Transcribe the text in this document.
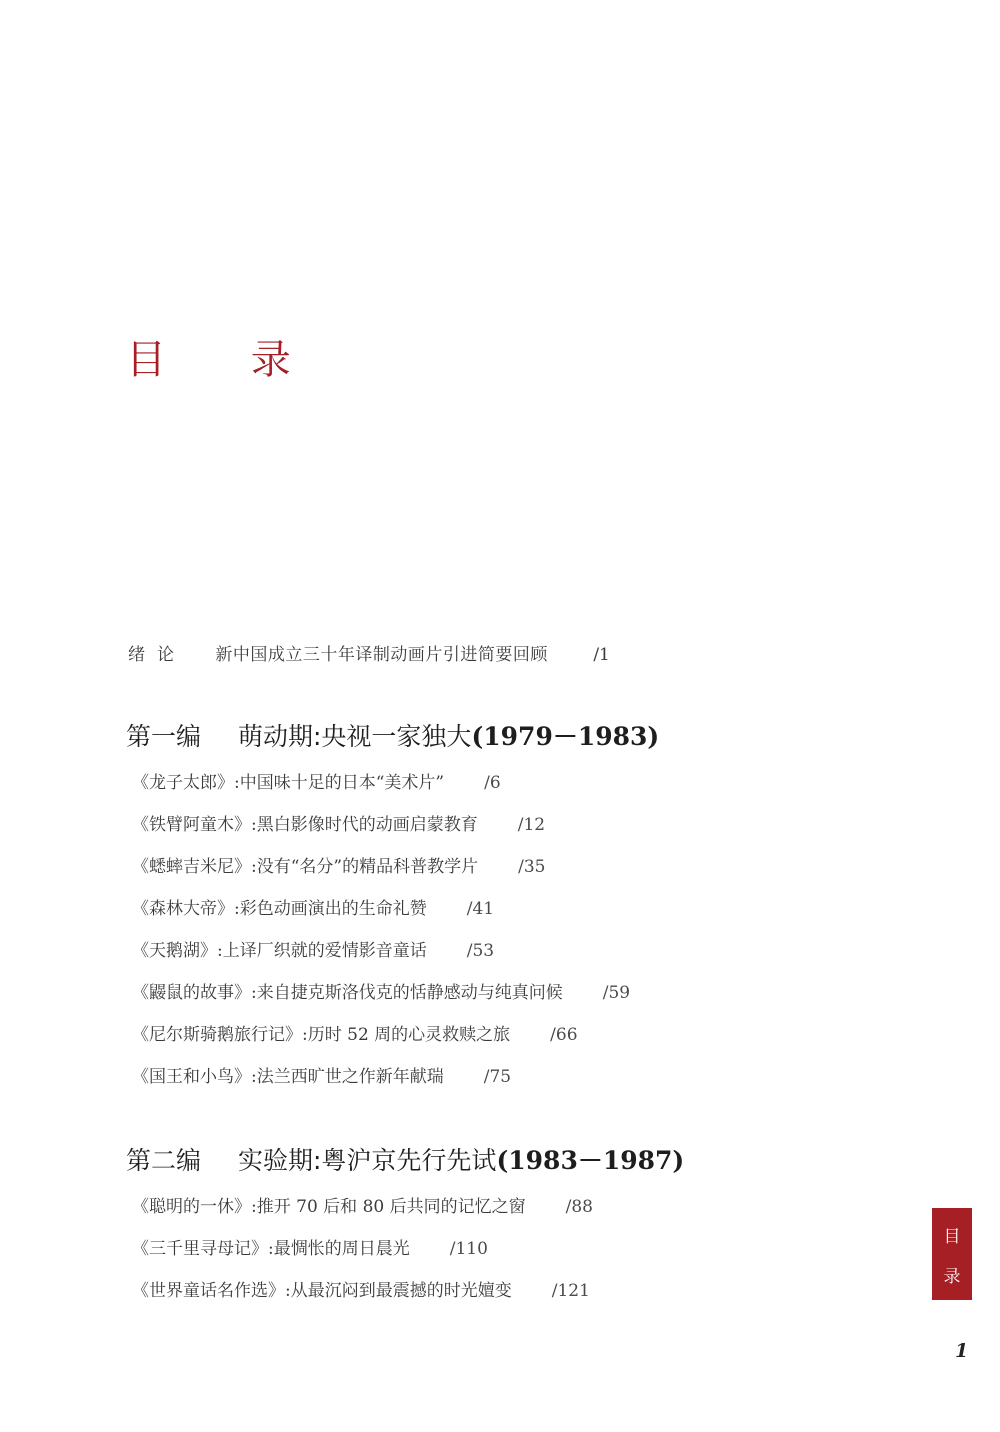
目 录
绪论 新中国成立三十年译制动画片引进简要回顾	/1
第一编 萌动期:央视一家独大(1979－1983)
《龙子太郎》:中国味十足的日本“美术片” /6
《铁臂阿童木》:黑白影像时代的动画启蒙教育 /12
《蟋蟀吉米尼》:没有“名分”的精品科普教学片 /35
《森林大帝》:彩色动画演出的生命礼赞 /41
《天鹅湖》:上译厂织就的爱情影音童话 /53
《鼹鼠的故事》:来自捷克斯洛伐克的恬静感动与纯真问候 /59
《尼尔斯骑鹅旅行记》:历时 52 周的心灵救赎之旅 /66
《国王和小鸟》:法兰西旷世之作新年献瑞 /75
第二编 实验期:粤沪京先行先试(1983－1987)
《聪明的一休》:推开 70 后和 80 后共同的记忆之窗 /88
《三千里寻母记》:最惆怅的周日晨光 /110
《世界童话名作选》:从最沉闷到最震撼的时光嬗变 /121
目
录
1
